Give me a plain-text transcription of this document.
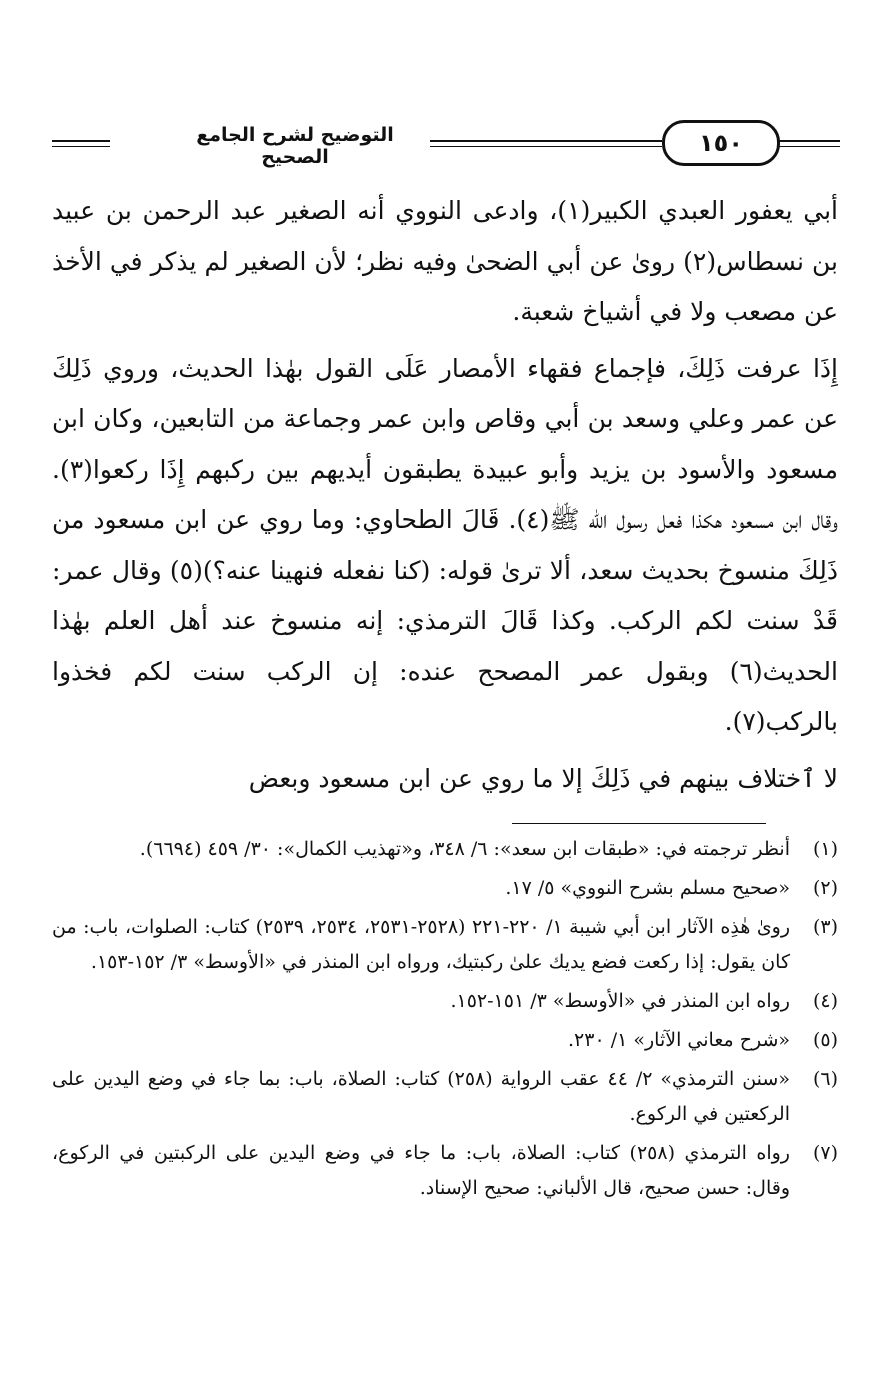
التوضيح لشرح الجامع الصحيح	١٥٠

أبي يعفور العبدي الكبير(١)، وادعى النووي أنه الصغير عبد الرحمن بن عبيد بن نسطاس(٢) روىٰ عن أبي الضحىٰ وفيه نظر؛ لأن الصغير لم يذكر في الأخذ عن مصعب ولا في أشياخ شعبة.

إِذَا عرفت ذَلِكَ، فإجماع فقهاء الأمصار عَلَى القول بهٰذا الحديث، وروي ذَلِكَ عن عمر وعلي وسعد بن أبي وقاص وابن عمر وجماعة من التابعين، وكان ابن مسعود والأسود بن يزيد وأبو عبيدة يطبقون أيديهم بين ركبهم إِذَا ركعوا(٣). وقال ابن مسعود هكذا فعل رسول الله ﷺ(٤). قَالَ الطحاوي: وما روي عن ابن مسعود من ذَلِكَ منسوخ بحديث سعد، ألا ترىٰ قوله: (كنا نفعله فنهينا عنه؟)(٥) وقال عمر: قَدْ سنت لكم الركب. وكذا قَالَ الترمذي: إنه منسوخ عند أهل العلم بهٰذا الحديث(٦) وبقول عمر المصحح عنده: إن الركب سنت لكم فخذوا بالركب(٧).

لا ٱختلاف بينهم في ذَلِكَ إلا ما روي عن ابن مسعود وبعض

(١)
أنظر ترجمته في: «طبقات ابن سعد»: ٦/ ٣٤٨، و«تهذيب الكمال»: ٣٠/ ٤٥٩ (٦٦٩٤).
(٢)
«صحيح مسلم بشرح النووي» ٥/ ١٧.
(٣)
روىٰ هٰذِه الآثار ابن أبي شيبة ١/ ٢٢٠-٢٢١ (٢٥٢٨-٢٥٣١، ٢٥٣٤، ٢٥٣٩) كتاب: الصلوات، باب: من كان يقول: إذا ركعت فضع يديك علىٰ ركبتيك، ورواه ابن المنذر في «الأوسط» ٣/ ١٥٢-١٥٣.
(٤)
رواه ابن المنذر في «الأوسط» ٣/ ١٥١-١٥٢.
(٥)
«شرح معاني الآثار» ١/ ٢٣٠.
(٦)
«سنن الترمذي» ٢/ ٤٤ عقب الرواية (٢٥٨) كتاب: الصلاة، باب: بما جاء في وضع اليدين على الركعتين في الركوع.
(٧)
رواه الترمذي (٢٥٨) كتاب: الصلاة، باب: ما جاء في وضع اليدين على الركبتين في الركوع، وقال: حسن صحيح، قال الألباني: صحيح الإسناد.
